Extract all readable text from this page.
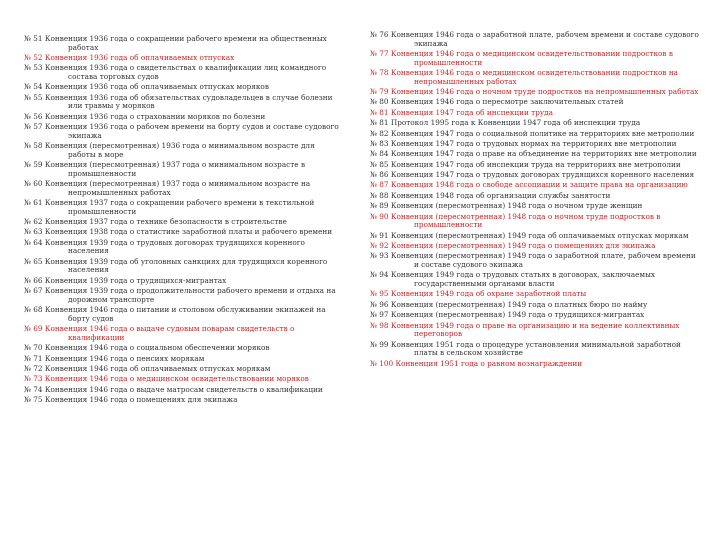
№ 51 Конвенция 1936 года о сокращении рабочего времени на общественных работах

№ 52 Конвенция 1936 года об оплачиваемых отпусках

№ 53 Конвенция 1936 года о свидетельствах о квалификации лиц командного состава торговых судов

№ 54 Конвенция 1936 года об оплачиваемых отпусках моряков

№ 55 Конвенция 1936 года об обязательствах судовладельцев в случае болезни или травмы у моряков

№ 56 Конвенция 1936 года о страховании моряков по болезни

№ 57 Конвенция 1936 года о рабочем времени на борту судов и составе судового экипажа

№ 58 Конвенция (пересмотренная) 1936 года о минимальном возрасте для работы в море

№ 59 Конвенция (пересмотренная) 1937 года о минимальном возрасте в промышленности

№ 60 Конвенция (пересмотренная) 1937 года о минимальном возрасте на непромышленных работах

№ 61 Конвенция 1937 года о сокращении рабочего времени в текстильной промышленности

№ 62 Конвенция 1937 года о технике безопасности в строительстве

№ 63 Конвенция 1938 года о статистике заработной платы и рабочего времени

№ 64 Конвенция 1939 года о трудовых договорах трудящихся коренного населения

№ 65 Конвенция 1939 года об уголовных санкциях для трудящихся коренного населения

№ 66 Конвенция 1939 года о трудящихся-мигрантах

№ 67 Конвенция 1939 года о продолжительности рабочего времени и отдыха на дорожном транспорте

№ 68 Конвенция 1946 года о питании и столовом обслуживании экипажей на борту судов

№ 69 Конвенция 1946 года о выдаче судовым поварам свидетельств о квалификации

№ 70 Конвенция 1946 года о социальном обеспечении моряков

№ 71 Конвенция 1946 года о пенсиях морякам

№ 72 Конвенция 1946 года об оплачиваемых отпусках морякам

№ 73 Конвенция 1946 года о медицинском освидетельствовании моряков

№ 74 Конвенция 1946 года о выдаче матросам свидетельств о квалификации

№ 75 Конвенция 1946 года о помещениях для экипажа

№ 76 Конвенция 1946 года о заработной плате, рабочем времени и составе судового экипажа

№ 77 Конвенция 1946 года о медицинском освидетельствовании подростков в промышленности

№ 78 Конвенция 1946 года о медицинском освидетельствовании подростков на непромышленных работах

№ 79 Конвенция 1946 года о ночном труде подростков на непромышленных работах

№ 80 Конвенция 1946 года о пересмотре заключительных статей

№ 81 Конвенция 1947 года об инспекции труда

№ 81 Протокол 1995 года к Конвенции 1947 года об инспекции труда

№ 82 Конвенция 1947 года о социальной политике на территориях вне метрополии

№ 83 Конвенция 1947 года о трудовых нормах на территориях вне метрополии

№ 84 Конвенция 1947 года о праве на объединение на территориях вне метрополии

№ 85 Конвенция 1947 года об инспекции труда на территориях вне метрополии

№ 86 Конвенция 1947 года о трудовых договорах трудящихся коренного населения

№ 87 Конвенция 1948 года о свободе ассоциации и защите права на организацию

№ 88 Конвенция 1948 года об организации службы занятости

№ 89 Конвенция (пересмотренная) 1948 года о ночном труде женщин

№ 90 Конвенция (пересмотренная) 1948 года о ночном труде подростков в промышленности

№ 91 Конвенция (пересмотренная) 1949 года об оплачиваемых отпусках морякам

№ 92 Конвенция (пересмотренная) 1949 года о помещениях для экипажа

№ 93 Конвенция (пересмотренная) 1949 года о заработной плате, рабочем времени и составе судового экипажа

№ 94 Конвенция 1949 года о трудовых статьях в договорах, заключаемых государственными органами власти

№ 95 Конвенция 1949 года об охране заработной платы

№ 96 Конвенция (пересмотренная) 1949 года о платных бюро по найму

№ 97 Конвенция (пересмотренная) 1949 года о трудящихся-мигрантах

№ 98 Конвенция 1949 года о праве на организацию и на ведение коллективных переговоров

№ 99 Конвенция 1951 года о процедуре установления минимальной заработной платы в сельском хозяйстве

№ 100 Конвенция 1951 года о равном вознаграждении
